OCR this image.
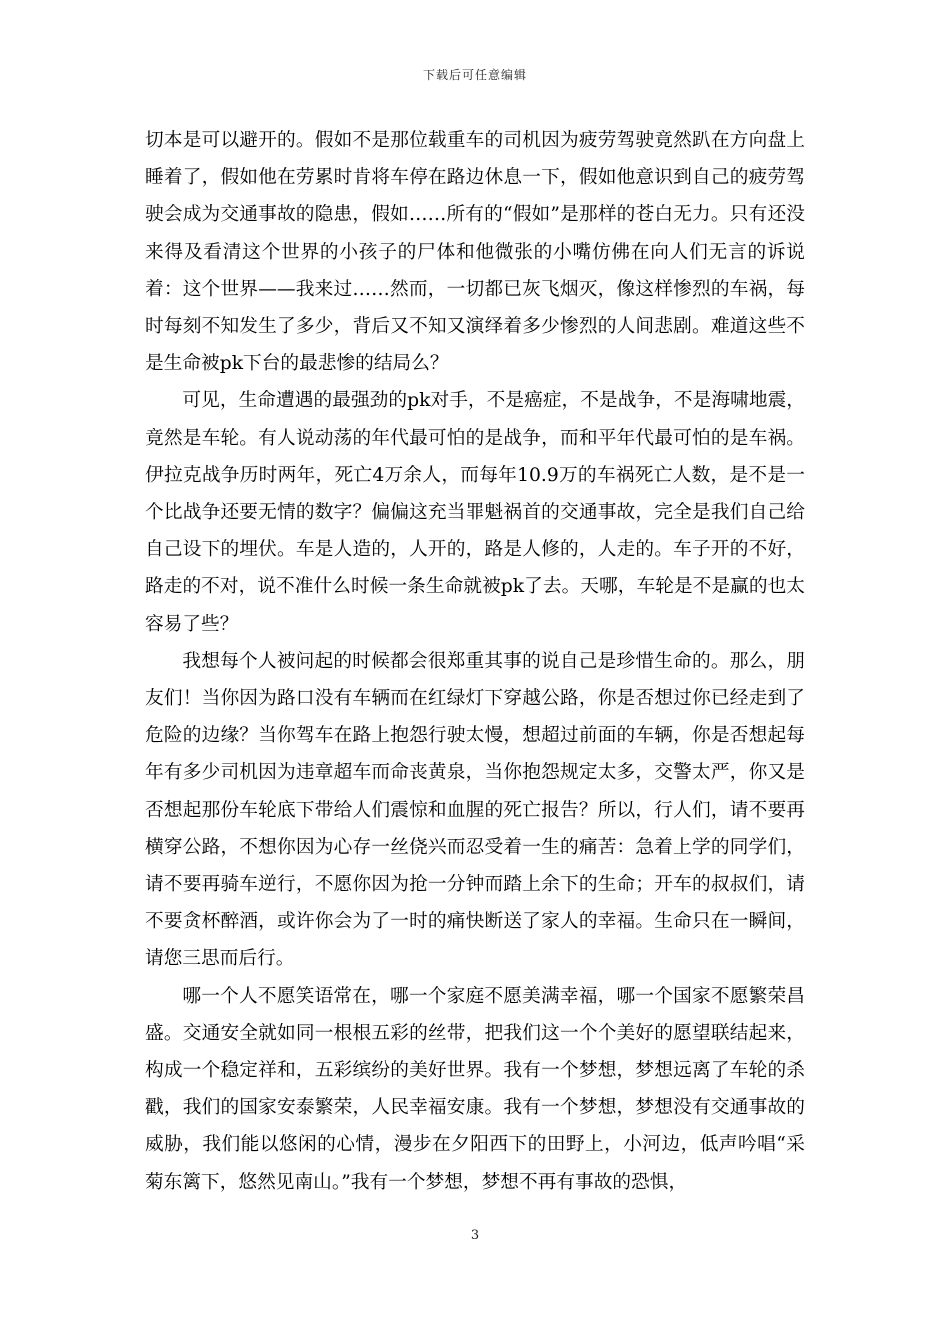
下载后可任意编辑

切本是可以避开的。假如不是那位载重车的司机因为疲劳驾驶竟然趴在方向盘上睡着了，假如他在劳累时肯将车停在路边休息一下，假如他意识到自己的疲劳驾驶会成为交通事故的隐患，假如……所有的“假如”是那样的苍白无力。只有还没来得及看清这个世界的小孩子的尸体和他微张的小嘴仿佛在向人们无言的诉说着：这个世界——我来过……然而，一切都已灰飞烟灭，像这样惨烈的车祸，每时每刻不知发生了多少，背后又不知又演绎着多少惨烈的人间悲剧。难道这些不是生命被pk下台的最悲惨的结局么？

可见，生命遭遇的最强劲的pk对手，不是癌症，不是战争，不是海啸地震，竟然是车轮。有人说动荡的年代最可怕的是战争，而和平年代最可怕的是车祸。伊拉克战争历时两年，死亡4万余人，而每年10.9万的车祸死亡人数，是不是一个比战争还要无情的数字？偏偏这充当罪魁祸首的交通事故，完全是我们自己给自己设下的埋伏。车是人造的，人开的，路是人修的，人走的。车子开的不好，路走的不对，说不准什么时候一条生命就被pk了去。天哪，车轮是不是赢的也太容易了些？

我想每个人被问起的时候都会很郑重其事的说自己是珍惜生命的。那么，朋友们！当你因为路口没有车辆而在红绿灯下穿越公路，你是否想过你已经走到了危险的边缘？当你驾车在路上抱怨行驶太慢，想超过前面的车辆，你是否想起每年有多少司机因为违章超车而命丧黄泉，当你抱怨规定太多，交警太严，你又是否想起那份车轮底下带给人们震惊和血腥的死亡报告？所以，行人们，请不要再横穿公路，不想你因为心存一丝侥兴而忍受着一生的痛苦：急着上学的同学们，请不要再骑车逆行，不愿你因为抢一分钟而踏上余下的生命；开车的叔叔们，请不要贪杯醉酒，或许你会为了一时的痛快断送了家人的幸福。生命只在一瞬间，请您三思而后行。

哪一个人不愿笑语常在，哪一个家庭不愿美满幸福，哪一个国家不愿繁荣昌盛。交通安全就如同一根根五彩的丝带，把我们这一个个美好的愿望联结起来，构成一个稳定祥和，五彩缤纷的美好世界。我有一个梦想，梦想远离了车轮的杀戳，我们的国家安泰繁荣，人民幸福安康。我有一个梦想，梦想没有交通事故的威胁，我们能以悠闲的心情，漫步在夕阳西下的田野上，小河边，低声吟唱“采菊东篱下，悠然见南山。”我有一个梦想，梦想不再有事故的恐惧，

3
